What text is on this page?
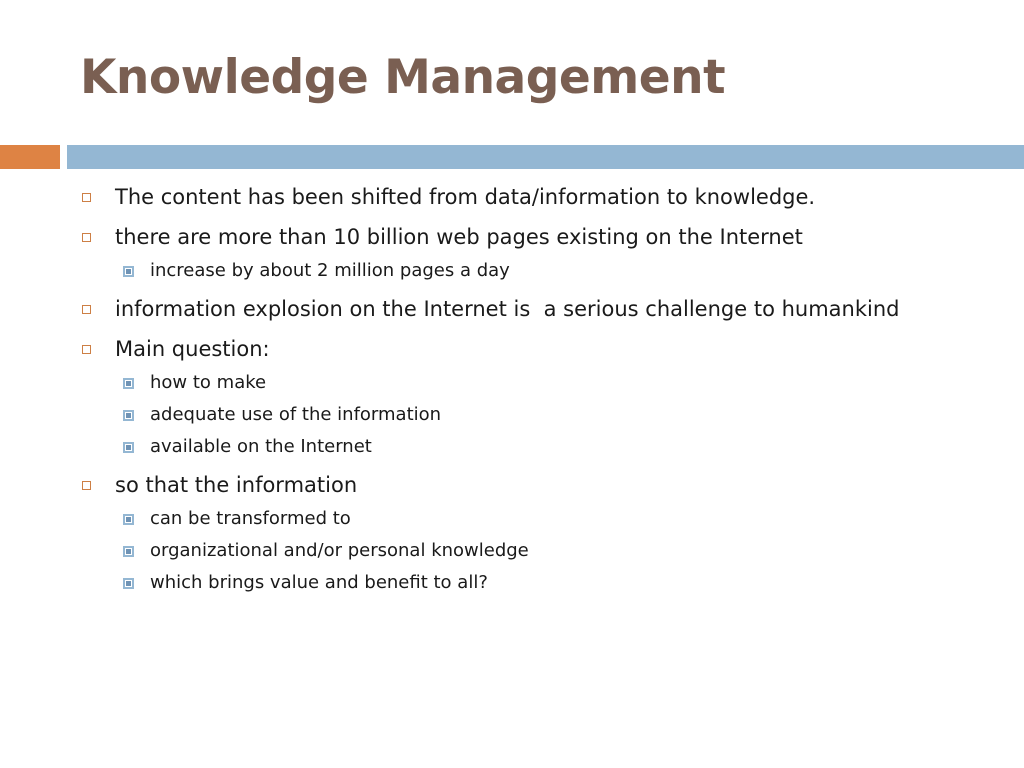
Knowledge Management
The content has been shifted from data/information to knowledge.
there are more than 10 billion web pages existing on the Internet
increase by about 2 million pages a day
information explosion on the Internet is  a serious challenge to humankind
Main question:
how to make
adequate use of the information
available on the Internet
so that the information
can be transformed to
organizational and/or personal knowledge
which brings value and benefit to all?
